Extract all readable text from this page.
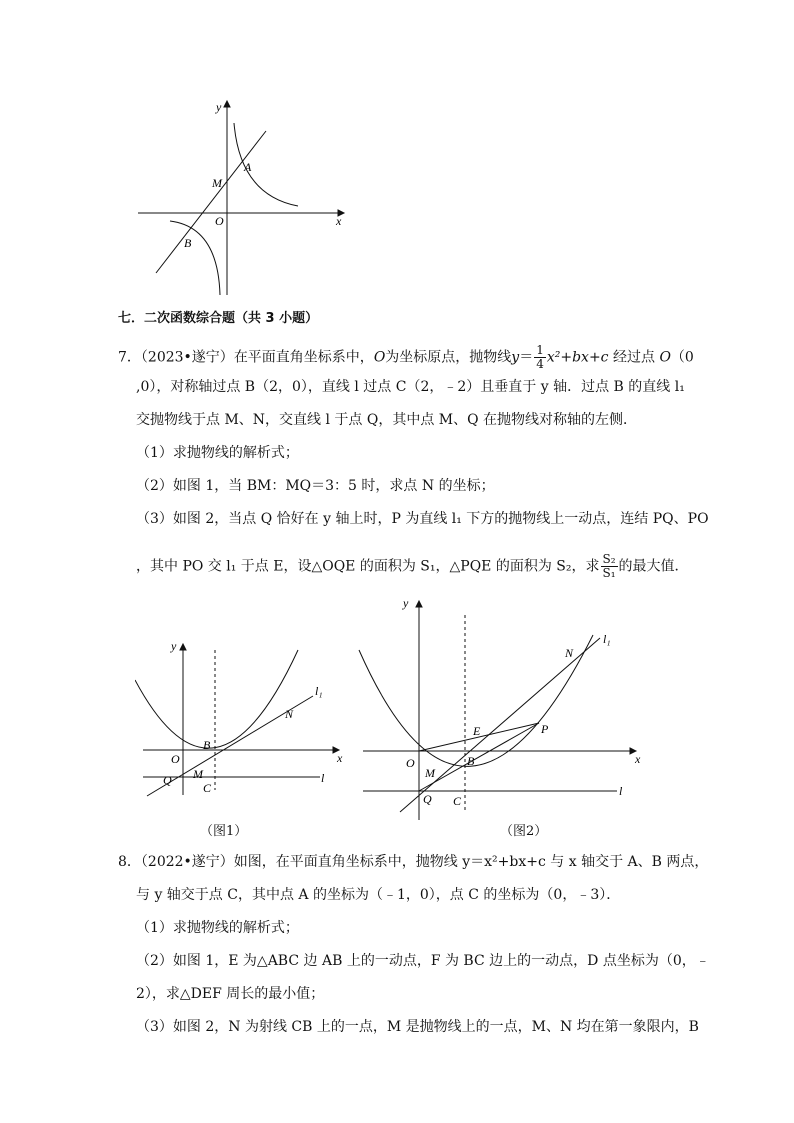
y
x
O
M
A
B
七．二次函数综合题（共 3 小题）
7．（2023•遂宁）在平面直角坐标系中，O为坐标原点，抛物线$y= \frac{1}{4} x^2+bx+c$ 经过点 O（0
,0），对称轴过点 B（2，0），直线 l 过点 C（2，﹣2）且垂直于 y 轴．过点 B 的直线 l₁
交抛物线于点 M、N，交直线 l 于点 Q，其中点 M、Q 在抛物线对称轴的左侧．
（1）求抛物线的解析式；
（2）如图 1，当 BM：MQ＝3：5 时，求点 N 的坐标；
（3）如图 2，当点 Q 恰好在 y 轴上时，P 为直线 l₁ 下方的抛物线上一动点，连结 PQ、PO
，其中 PO 交 l₁ 于点 E，设△OQE 的面积为 S₁，△PQE 的面积为 S₂，求 $\frac{\text{S₂}}{\text{S₁}}$ 的最大值．
y
x
O
B
Q M
C
N
l
l₁
（图1）
y
x
O	B
Q
M
C
N
E	P
l
l₁
（图2）
8．（2022•遂宁）如图，在平面直角坐标系中，抛物线 y＝x²+bx+c 与 x 轴交于 A、B 两点，
与 y 轴交于点 C，其中点 A 的坐标为（﹣1，0），点 C 的坐标为（0，﹣3）．
（1）求抛物线的解析式；
（2）如图 1，E 为△ABC 边 AB 上的一动点，F 为 BC 边上的一动点，D 点坐标为（0，﹣
2），求△DEF 周长的最小值；
（3）如图 2，N 为射线 CB 上的一点，M 是抛物线上的一点，M、N 均在第一象限内，B
